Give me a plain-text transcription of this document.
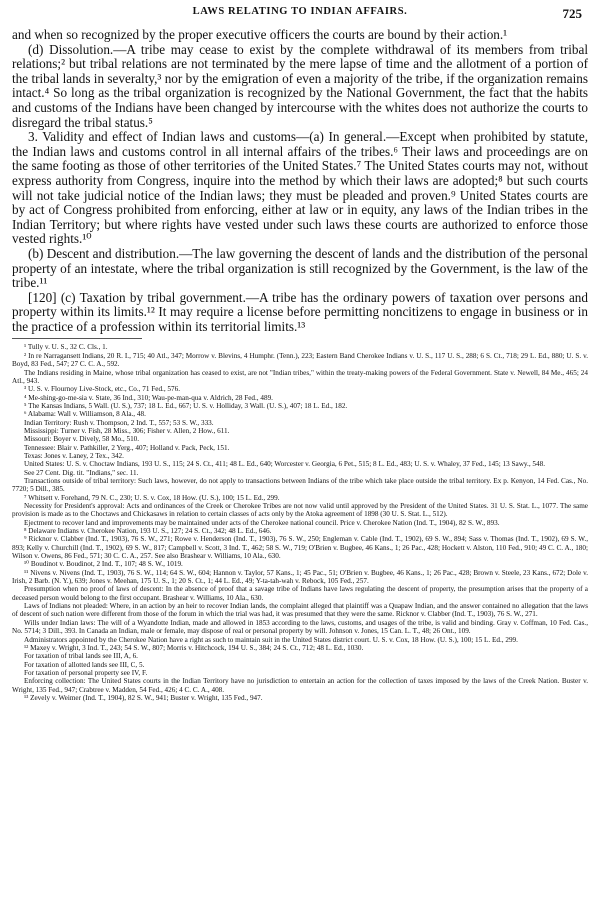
LAWS RELATING TO INDIAN AFFAIRS.	725

and when so recognized by the proper executive officers the courts are bound by their action.¹

(d) Dissolution.—A tribe may cease to exist by the complete withdrawal of its members from tribal relations;² but tribal relations are not terminated by the mere lapse of time and the allotment of a portion of the tribal lands in severalty,³ nor by the emigration of even a majority of the tribe, if the organization remains intact.⁴ So long as the tribal organization is recognized by the National Government, the fact that the habits and customs of the Indians have been changed by intercourse with the whites does not authorize the courts to disregard the tribal status.⁵

3. Validity and effect of Indian laws and customs—(a) In general.—Except when prohibited by statute, the Indian laws and customs control in all internal affairs of the tribes.⁶ Their laws and proceedings are on the same footing as those of other territories of the United States.⁷ The United States courts may not, without express authority from Congress, inquire into the method by which their laws are adopted;⁸ but such courts will not take judicial notice of the Indian laws; they must be pleaded and proven.⁹ United States courts are by act of Congress prohibited from enforcing, either at law or in equity, any laws of the Indian tribes in the Indian Territory; but where rights have vested under such laws these courts are authorized to enforce those vested rights.¹⁰

(b) Descent and distribution.—The law governing the descent of lands and the distribution of the personal property of an intestate, where the tribal organization is still recognized by the Government, is the law of the tribe.¹¹

[120] (c) Taxation by tribal government.—A tribe has the ordinary powers of taxation over persons and property within its limits.¹² It may require a license before permitting noncitizens to engage in business or in the practice of a profession within its territorial limits.¹³

¹ Tully v. U. S., 32 C. Cls., 1.

² In re Narragansett Indians, 20 R. I., 715; 40 Atl., 347; Morrow v. Blevins, 4 Humphr. (Tenn.), 223; Eastern Band Cherokee Indians v. U. S., 117 U. S., 288; 6 S. Ct., 718; 29 L. Ed., 880; U. S. v. Boyd, 83 Fed., 547; 27 C. C. A., 592.

The Indians residing in Maine, whose tribal organization has ceased to exist, are not "Indian tribes," within the treaty-making powers of the Federal Government. State v. Newell, 84 Me., 465; 24 Atl., 943.

³ U. S. v. Flournoy Live-Stock, etc., Co., 71 Fed., 576.

⁴ Me-shing-go-me-sia v. State, 36 Ind., 310; Wau-pe-man-qua v. Aldrich, 28 Fed., 489.

⁵ The Kansas Indians, 5 Wall. (U. S.), 737; 18 L. Ed., 667; U. S. v. Holliday, 3 Wall. (U. S.), 407; 18 L. Ed., 182.

⁶ Alabama: Wall v. Williamson, 8 Ala., 48.

Indian Territory: Rush v. Thompson, 2 Ind. T., 557; 53 S. W., 333.

Mississippi: Turner v. Fish, 28 Miss., 306; Fisher v. Allen, 2 How., 611.

Missouri: Boyer v. Dively, 58 Mo., 510.

Tennessee: Blair v. Pathkiller, 2 Yerg., 407; Holland v. Pack, Peck, 151.

Texas: Jones v. Laney, 2 Tex., 342.

United States: U. S. v. Choctaw Indians, 193 U. S., 115; 24 S. Ct., 411; 48 L. Ed., 640; Worcester v. Georgia, 6 Pet., 515; 8 L. Ed., 483; U. S. v. Whaley, 37 Fed., 145; 13 Sawy., 548.

See 27 Cent. Dig. tit. "Indians," sec. 11.

Transactions outside of tribal territory: Such laws, however, do not apply to transactions between Indians of the tribe which take place outside the tribal territory. Ex p. Kenyon, 14 Fed. Cas., No. 7720; 5 Dill., 385.

⁷ Whitsett v. Forehand, 79 N. C., 230; U. S. v. Cox, 18 How. (U. S.), 100; 15 L. Ed., 299.

Necessity for President's approval: Acts and ordinances of the Creek or Cherokee Tribes are not now valid until approved by the President of the United States. 31 U. S. Stat. L., 1077. The same provision is made as to the Choctaws and Chickasaws in relation to certain classes of acts only by the Atoka agreement of 1898 (30 U. S. Stat. L., 512).

Ejectment to recover land and improvements may be maintained under acts of the Cherokee national council. Price v. Cherokee Nation (Ind. T., 1904), 82 S. W., 893.

⁸ Delaware Indians v. Cherokee Nation, 193 U. S., 127; 24 S. Ct., 342; 48 L. Ed., 646.

⁹ Ricknor v. Clabber (Ind. T., 1903), 76 S. W., 271; Rowe v. Henderson (Ind. T., 1903), 76 S. W., 250; Engleman v. Cable (Ind. T., 1902), 69 S. W., 894; Sass v. Thomas (Ind. T., 1902), 69 S. W., 893; Kelly v. Churchill (Ind. T., 1902), 69 S. W., 817; Campbell v. Scott, 3 Ind. T., 462; 58 S. W., 719; O'Brien v. Bugbee, 46 Kans., 1; 26 Pac., 428; Hockett v. Alston, 110 Fed., 910; 49 C. C. A., 180; Wilson v. Owens, 86 Fed., 571; 30 C. C. A., 257. See also Brashear v. Williams, 10 Ala., 630.

¹⁰ Boudinot v. Boudinot, 2 Ind. T., 107; 48 S. W., 1019.

¹¹ Nivens v. Nivens (Ind. T., 1903), 76 S. W., 114; 64 S. W., 604; Hannon v. Taylor, 57 Kans., 1; 45 Pac., 51; O'Brien v. Bugbee, 46 Kans., 1; 26 Pac., 428; Brown v. Steele, 23 Kans., 672; Dole v. Irish, 2 Barb. (N. Y.), 639; Jones v. Meehan, 175 U. S., 1; 20 S. Ct., 1; 44 L. Ed., 49; Y-ta-tah-wah v. Rebock, 105 Fed., 257.

Presumption when no proof of laws of descent: In the absence of proof that a savage tribe of Indians have laws regulating the descent of property, the presumption arises that the property of a deceased person would belong to the first occupant. Brashear v. Williams, 10 Ala., 630.

Laws of Indians not pleaded: Where, in an action by an heir to recover Indian lands, the complaint alleged that plaintiff was a Quapaw Indian, and the answer contained no allegation that the laws of descent of such nation were different from those of the forum in which the trial was had, it was presumed that they were the same. Ricknor v. Clabber (Ind. T., 1903), 76 S. W., 271.

Wills under Indian laws: The will of a Wyandotte Indian, made and allowed in 1853 according to the laws, customs, and usages of the tribe, is valid and binding. Gray v. Coffman, 10 Fed. Cas., No. 5714; 3 Dill., 393. In Canada an Indian, male or female, may dispose of real or personal property by will. Johnson v. Jones, 15 Can. L. T., 48; 26 Ont., 109.

Administrators appointed by the Cherokee Nation have a right as such to maintain suit in the United States district court. U. S. v. Cox, 18 How. (U. S.), 100; 15 L. Ed., 299.

¹² Maxey v. Wright, 3 Ind. T., 243; 54 S. W., 807; Morris v. Hitchcock, 194 U. S., 384; 24 S. Ct., 712; 48 L. Ed., 1030.

For taxation of tribal lands see III, A, 6.

For taxation of allotted lands see III, C, 5.

For taxation of personal property see IV, F.

Enforcing collection: The United States courts in the Indian Territory have no jurisdiction to entertain an action for the collection of taxes imposed by the laws of the Creek Nation. Buster v. Wright, 135 Fed., 947; Crabtree v. Madden, 54 Fed., 426; 4 C. C. A., 408.

¹³ Zevely v. Weimer (Ind. T., 1904), 82 S. W., 941; Buster v. Wright, 135 Fed., 947.
